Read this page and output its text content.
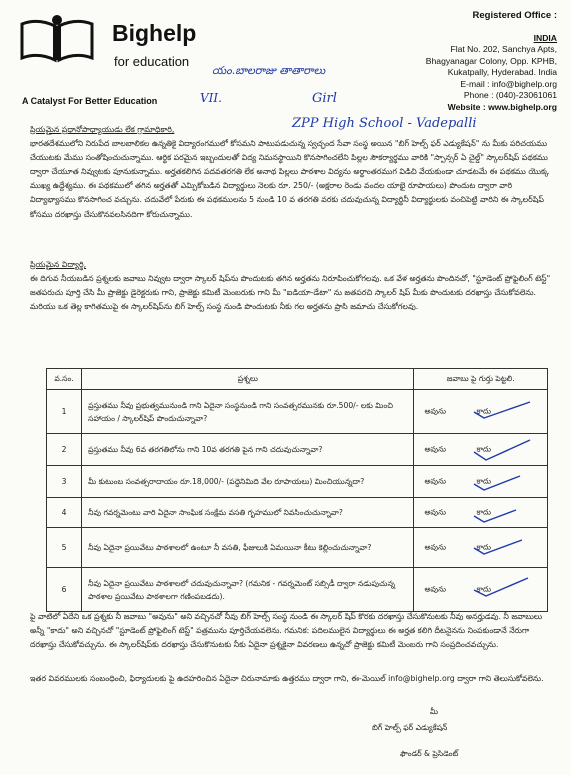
Bighelp
for education
A Catalyst For Better Education
Registered Office :
INDIA
Flat No. 202, Sanchya Apts,
Bhagyanagar Colony, Opp. KPHB,
Kukatpally, Hyderabad. India
E-mail : info@bighelp.org
Phone : (040)-23061061
Website : www.bighelp.org
యం.బాలరాజు తాతారాలు
VII.	Girl
ZPP High School - Vadepalli
ప్రియమైన ప్రధానోపాధ్యాయుడు లేక గ్రామాధికారి,
భారతదేశములోని నిరుపేద బాలబాలికల ఉన్నతికై విద్యారంగములో కోసమని పాటుపడుచున్న స్వచ్ఛంద సేవా సంస్థ అయిన "బిగ్ హెల్ప్ ఫర్ ఎడ్యుకేషన్" ను మీకు పరిచయము చేయుటకు మేము సంతోషించుచున్నాము. ఆర్థిక పరమైన ఇబ్బందులతో విద్య నిమనస్థాయిని కొనసాగించలేని పిల్లల సౌకర్యార్థము వారికి "స్పాన్సర్ ఏ చైల్డ్" స్కాలర్‌షిప్ పథకము ద్వారా చేయూత నివ్వుటకు పూనుకున్నాము. అర్హతకలిగిన పదవతరగతి లేక అనాథ పిల్లలు పాఠశాల విద్యను అర్థాంతరముగ విడిచి వేయకుండా చూడటమే ఈ పథకము యొక్క ముఖ్య ఉద్దేశ్యము. ఈ పథకములో తగిన అర్హతతో ఎమ్పికోబడిన విద్యార్థులు నెలకు రూ. 250/- (అక్షరాల రెండు వందల యాభై రూపాయలు) పొందుట ద్వారా వారి విద్యాభ్యాసము కొనసాగించ వచ్చును. చదువేలో పేరుకు ఈ పథకములను 5 నుండి 10 వ తరగతి వరకు చదువుచున్న విద్యార్థినీ విద్యార్థులకు వంచిపెట్టి వారిని ఈ స్కాలర్‌షిప్ కోసము దరఖాస్తు చేసుకొనవలసినదిగా కోరుచున్నాము.
ప్రియమైన విద్యార్థి,
ఈ దిగువ నీయబడిన ప్రశ్నలకు జవాబు నివ్వుట ద్వారా స్కాలర్ షిప్‌ను పొందుటకు తగిన అర్హతను నిరూపించుకోగలవు. ఒక వేళ అర్హతను పొందినచో, "స్టూడెంట్ ప్రోఫైలింగ్ టెస్ట్" జతపరుచు పూర్తి చేసి మీ ప్రాజెక్టు డైరెక్టరుకు గాని, ప్రాజెక్టు కమిటీ మెంబరుకు గాని మీ "ఐడియా-డేటా" ను జతపరచి స్కాలర్ షిప్ మీకు పొందుటకు దరఖాస్తు చేసుకోవలెను. మరియు ఒక తెల్ల కాగితముపై ఈ స్కాలర్‌షిప్‌ను బిగ్ హెల్ప్ సంస్థ నుండి పొందుటకు నీకు గల అర్హతను ప్రాసి జమాచు చేసుకోగలవు.
వ.సం.	ప్రశ్నలు	జవాబు పై గుర్తు పెట్టలి.
1	ప్రస్తుతము నీవు ప్రభుత్వమునుండి గాని ఏదైనా సంస్థనుండి గాని సంవత్సరమునకు రూ.500/- లకు మించి సహాయం / స్కాలర్‌షిప్ పొందుచున్నావా?	అవును కాదు

2	ప్రస్తుతము నీవు 6వ తరగతిలోను గాని 10వ తరగతి పైన గాని చదువుచున్నావా?	అవును కాదు

3	మీ కుటుంబ సంవత్సరాదాయం రూ.18,000/- (పద్దెనిమిది వేల రూపాయలు) మించియున్నదా?	అవును కాదు

4	నీవు గవర్నమెంటు వారి ఏదైనా సాంఘిక సంక్షేమ వసతి గృహములో నివసించుచున్నావా?	అవును కాదు

5	నీవు ఏదైనా ప్రయివేటు పాఠశాలలో ఉంటూ నీ వసతి, ఫీజులుకి ఏమయినా కీటు కెల్లించుచున్నావా?	అవును కాదు

6	నీవు ఏదైనా ప్రయివేటు పాఠశాలలో చదువుచున్నావా? (గమనిక - గవర్నమెంట్ సబ్సిడీ ద్వారా నడుపుచున్న పాఠశాల ప్రయివేటు పాఠశాలగా గణింపబడదు).	అవును కాదు
పై వాటిలో ఏదేని ఒక ప్రశ్నకు నీ జవాబు "అవును" అని వచ్చినచో నీవు బిగ్ హెల్ప్ సంస్థ నుండి ఈ స్కాలర్ షిప్ కొరకు దరఖాస్తు చేసుకొనుటకు నీవు అనర్హుడవు. నీ జవాబులు అన్నీ "కాదు" అని వచ్చినచో "స్టూడెంట్ ప్రోఫైలింగ్ టెస్ట్" పత్రమును పూర్తిచేయవలెను. గమనిక: పదిలములైన విద్యార్థులు ఈ అర్హత కలిగి దీటనైనను నింపకుండానే నేరుగా దరఖాస్తు చేసుకోవచ్చును. ఈ స్కాలర్‌షిప్‌కు దరఖాస్తు చేసుకొనుటకు నీకు ఏదైనా ప్రశ్నకైనా వివరణలు ఉన్నచో ప్రాజెక్టు కమిటీ మెంబరు గాని సంప్రదించవచ్చును.
ఇతర వివరములకు సంబంధించి, ఫిర్యాదులకు పై ఉదహరించిన ఏదైనా చిరునామాకు ఉత్తరము ద్వారా గాని, ఈ-మెయిల్ info@bighelp.org ద్వారా గాని తెలుసుకోవలెను.
మీ
బిగ్ హెల్ప్ ఫర్ ఎడ్యుకేషన్
ఫౌండర్ & ప్రెసిడెంట్
